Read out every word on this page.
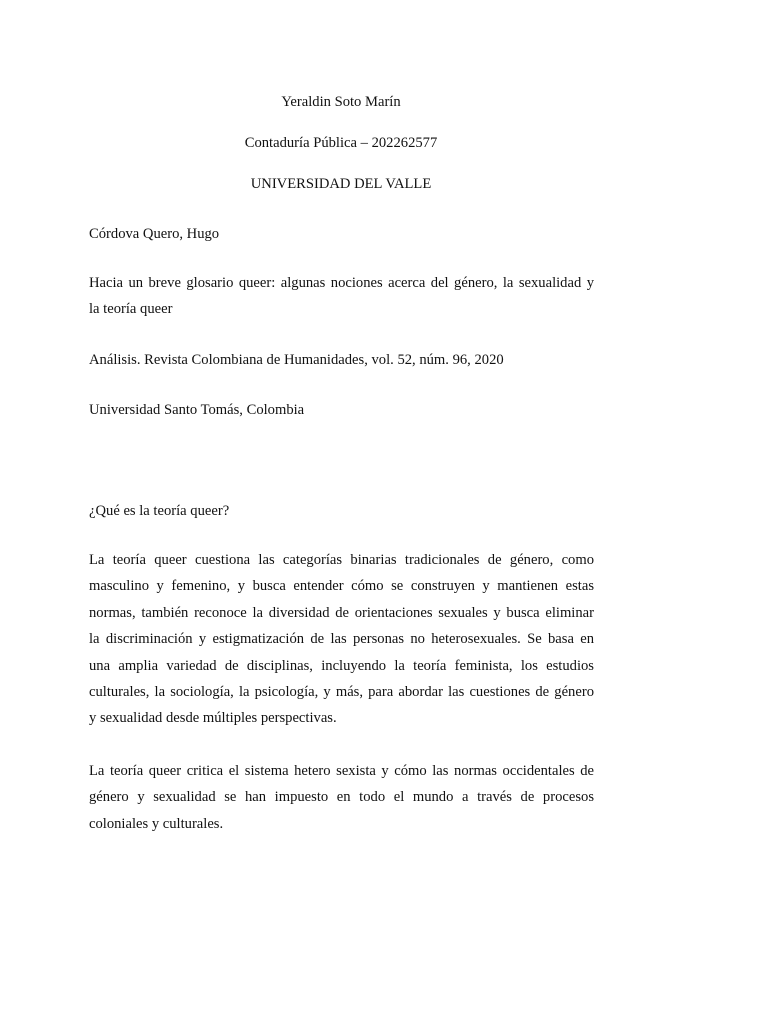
Yeraldin Soto Marín
Contaduría Pública – 202262577
UNIVERSIDAD DEL VALLE
Córdova Quero, Hugo
Hacia un breve glosario queer: algunas nociones acerca del género, la sexualidad y
la teoría queer
Análisis. Revista Colombiana de Humanidades, vol. 52, núm. 96, 2020
Universidad Santo Tomás, Colombia
¿Qué es la teoría queer?
La teoría queer cuestiona las categorías binarias tradicionales de género, como
masculino y femenino, y busca entender cómo se construyen y mantienen estas
normas, también reconoce la diversidad de orientaciones sexuales y busca eliminar
la discriminación y estigmatización de las personas no heterosexuales. Se basa en
una amplia variedad de disciplinas, incluyendo la teoría feminista, los estudios
culturales, la sociología, la psicología, y más, para abordar las cuestiones de género
y sexualidad desde múltiples perspectivas.
La teoría queer critica el sistema hetero sexista y cómo las normas occidentales de
género y sexualidad se han impuesto en todo el mundo a través de procesos
coloniales y culturales.
